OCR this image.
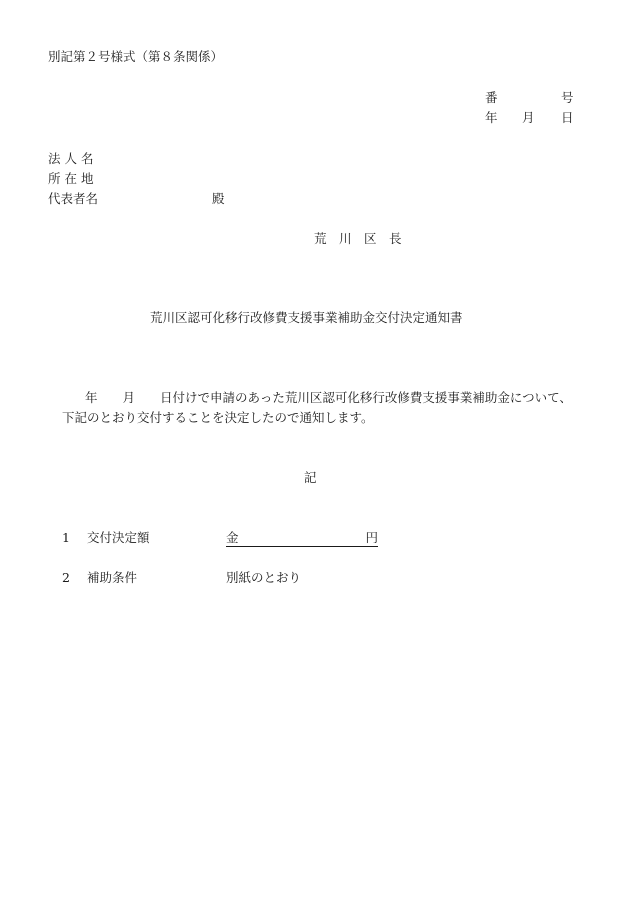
別記第２号様式（第８条関係）
番	号
年 月 日
法 人 名
所 在 地
代表者名	殿
荒　川　区　長
荒川区認可化移行改修費支援事業補助金交付決定通知書
年　　月　　日付けで申請のあった荒川区認可化移行改修費支援事業補助金について、
下記のとおり交付することを決定したので通知します。
記
1 交付決定額	金	円
2 補助条件	別紙のとおり
